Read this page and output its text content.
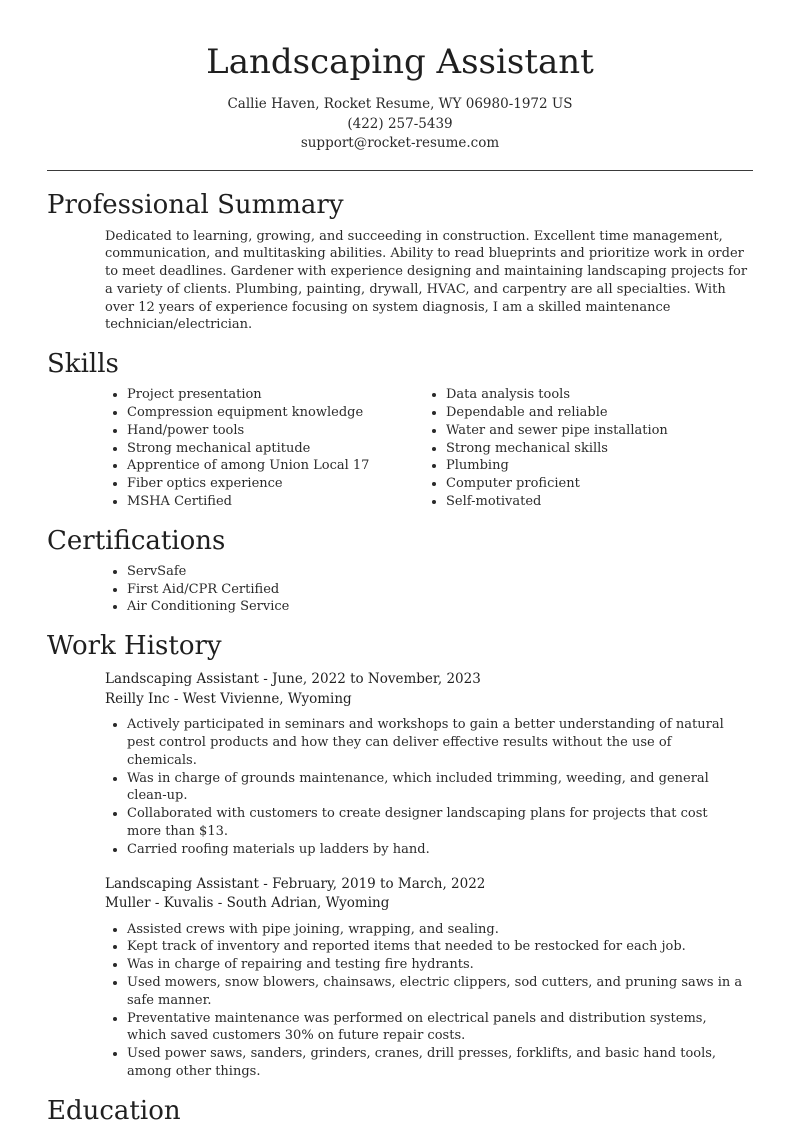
Landscaping Assistant
Callie Haven, Rocket Resume, WY 06980-1972 US
(422) 257-5439
support@rocket-resume.com
Professional Summary

Dedicated to learning, growing, and succeeding in construction. Excellent time management, communication, and multitasking abilities. Ability to read blueprints and prioritize work in order to meet deadlines. Gardener with experience designing and maintaining landscaping projects for a variety of clients. Plumbing, painting, drywall, HVAC, and carpentry are all specialties. With over 12 years of experience focusing on system diagnosis, I am a skilled maintenance technician/electrician.

Skills
• Project presentation
• Compression equipment knowledge
• Hand/power tools
• Strong mechanical aptitude
• Apprentice of among Union Local 17
• Fiber optics experience
• MSHA Certified
• Data analysis tools
• Dependable and reliable
• Water and sewer pipe installation
• Strong mechanical skills
• Plumbing
• Computer proficient
• Self-motivated
Certifications
• ServSafe
• First Aid/CPR Certified
• Air Conditioning Service
Work History
Landscaping Assistant - June, 2022 to November, 2023
Reilly Inc - West Vivienne, Wyoming
• Actively participated in seminars and workshops to gain a better understanding of natural pest control products and how they can deliver effective results without the use of chemicals.
• Was in charge of grounds maintenance, which included trimming, weeding, and general clean-up.
• Collaborated with customers to create designer landscaping plans for projects that cost more than $13.
• Carried roofing materials up ladders by hand.
Landscaping Assistant - February, 2019 to March, 2022
Muller - Kuvalis - South Adrian, Wyoming
• Assisted crews with pipe joining, wrapping, and sealing.
• Kept track of inventory and reported items that needed to be restocked for each job.
• Was in charge of repairing and testing fire hydrants.
• Used mowers, snow blowers, chainsaws, electric clippers, sod cutters, and pruning saws in a safe manner.
• Preventative maintenance was performed on electrical panels and distribution systems, which saved customers 30% on future repair costs.
• Used power saws, sanders, grinders, cranes, drill presses, forklifts, and basic hand tools, among other things.
Education
